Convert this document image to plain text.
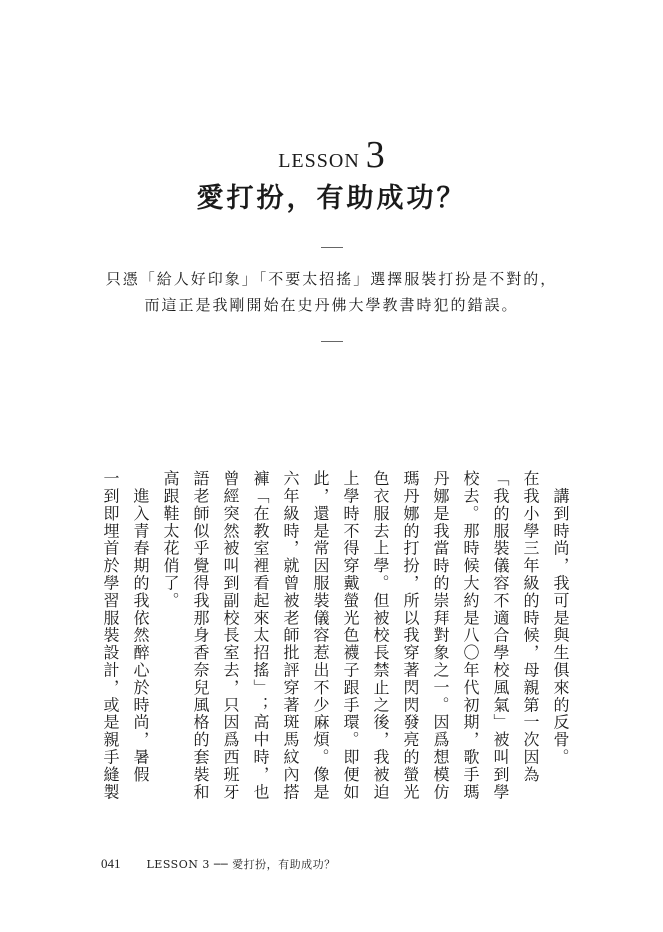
LESSON 3
愛打扮，有助成功？
只憑「給人好印象」「不要太招搖」選擇服裝打扮是不對的，
而這正是我剛開始在史丹佛大學教書時犯的錯誤。
　講到時尚，我可是與生俱來的反骨。
在我小學三年級的時候，母親第一次因為
「我的服裝儀容不適合學校風氣」被叫到學
校去。那時候大約是八〇年代初期，歌手瑪
丹娜是我當時的崇拜對象之一。因爲想模仿
瑪丹娜的打扮，所以我穿著閃閃發亮的螢光
色衣服去上學。但被校長禁止之後，我被迫
上學時不得穿戴螢光色襪子跟手環。即便如
此，還是常因服裝儀容惹出不少麻煩。像是
六年級時，就曾被老師批評穿著斑馬紋內搭
褲「在教室裡看起來太招搖」；高中時，也
曾經突然被叫到副校長室去，只因爲西班牙
語老師似乎覺得我那身香奈兒風格的套裝和
高跟鞋太花俏了。
　進入青春期的我依然醉心於時尚，暑假
一到即埋首於學習服裝設計，或是親手縫製
041 LESSON 3 ── 愛打扮，有助成功？
